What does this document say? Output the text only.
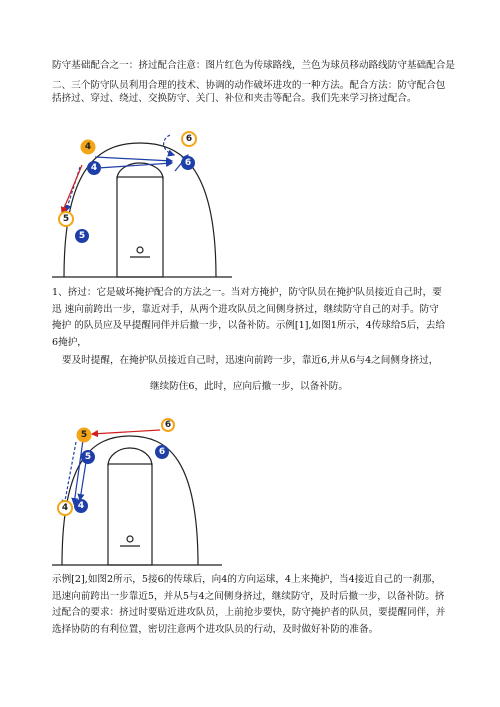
防守基础配合之一：挤过配合注意：图片红色为传球路线，兰色为球员移动路线防守基础配合是
二、三个防守队员利用合理的技术、协调的动作破坏进攻的一种方法。配合方法：防守配合包
括挤过、穿过、绕过、交换防守、关门、补位和夹击等配合。我们先来学习挤过配合。
4
4
6
6
5
5
1、挤过：它是破坏掩护配合的方法之一。当对方掩护，防守队员在掩护队员接近自己时，要
迅 速向前跨出一步，靠近对手，从两个进攻队员之间侧身挤过，继续防守自己的对手。防守
掩护 的队员应及早提醒同伴并后撤一步，以备补防。示例[1],如图1所示，4传球给5后，去给
6掩护，
要及时提醒，在掩护队员接近自己时，迅速向前跨一步，靠近6,并从6与4之间侧身挤过，
继续防住6，此时，应向后撤一步，以备补防。
5
5
6
6
4 4
示例[2],如图2所示，5接6的传球后，向4的方向运球，4上来掩护，当4接近自己的一刹那，
迅速向前跨出一步靠近5，并从5与4之间侧身挤过，继续防守，及时后撤一步，以备补防。挤
过配合的要求：挤过时要贴近进攻队员，上前抢步要快，防守掩护者的队员，要提醒同伴，并
选择协防的有利位置，密切注意两个进攻队员的行动，及时做好补防的准备。
